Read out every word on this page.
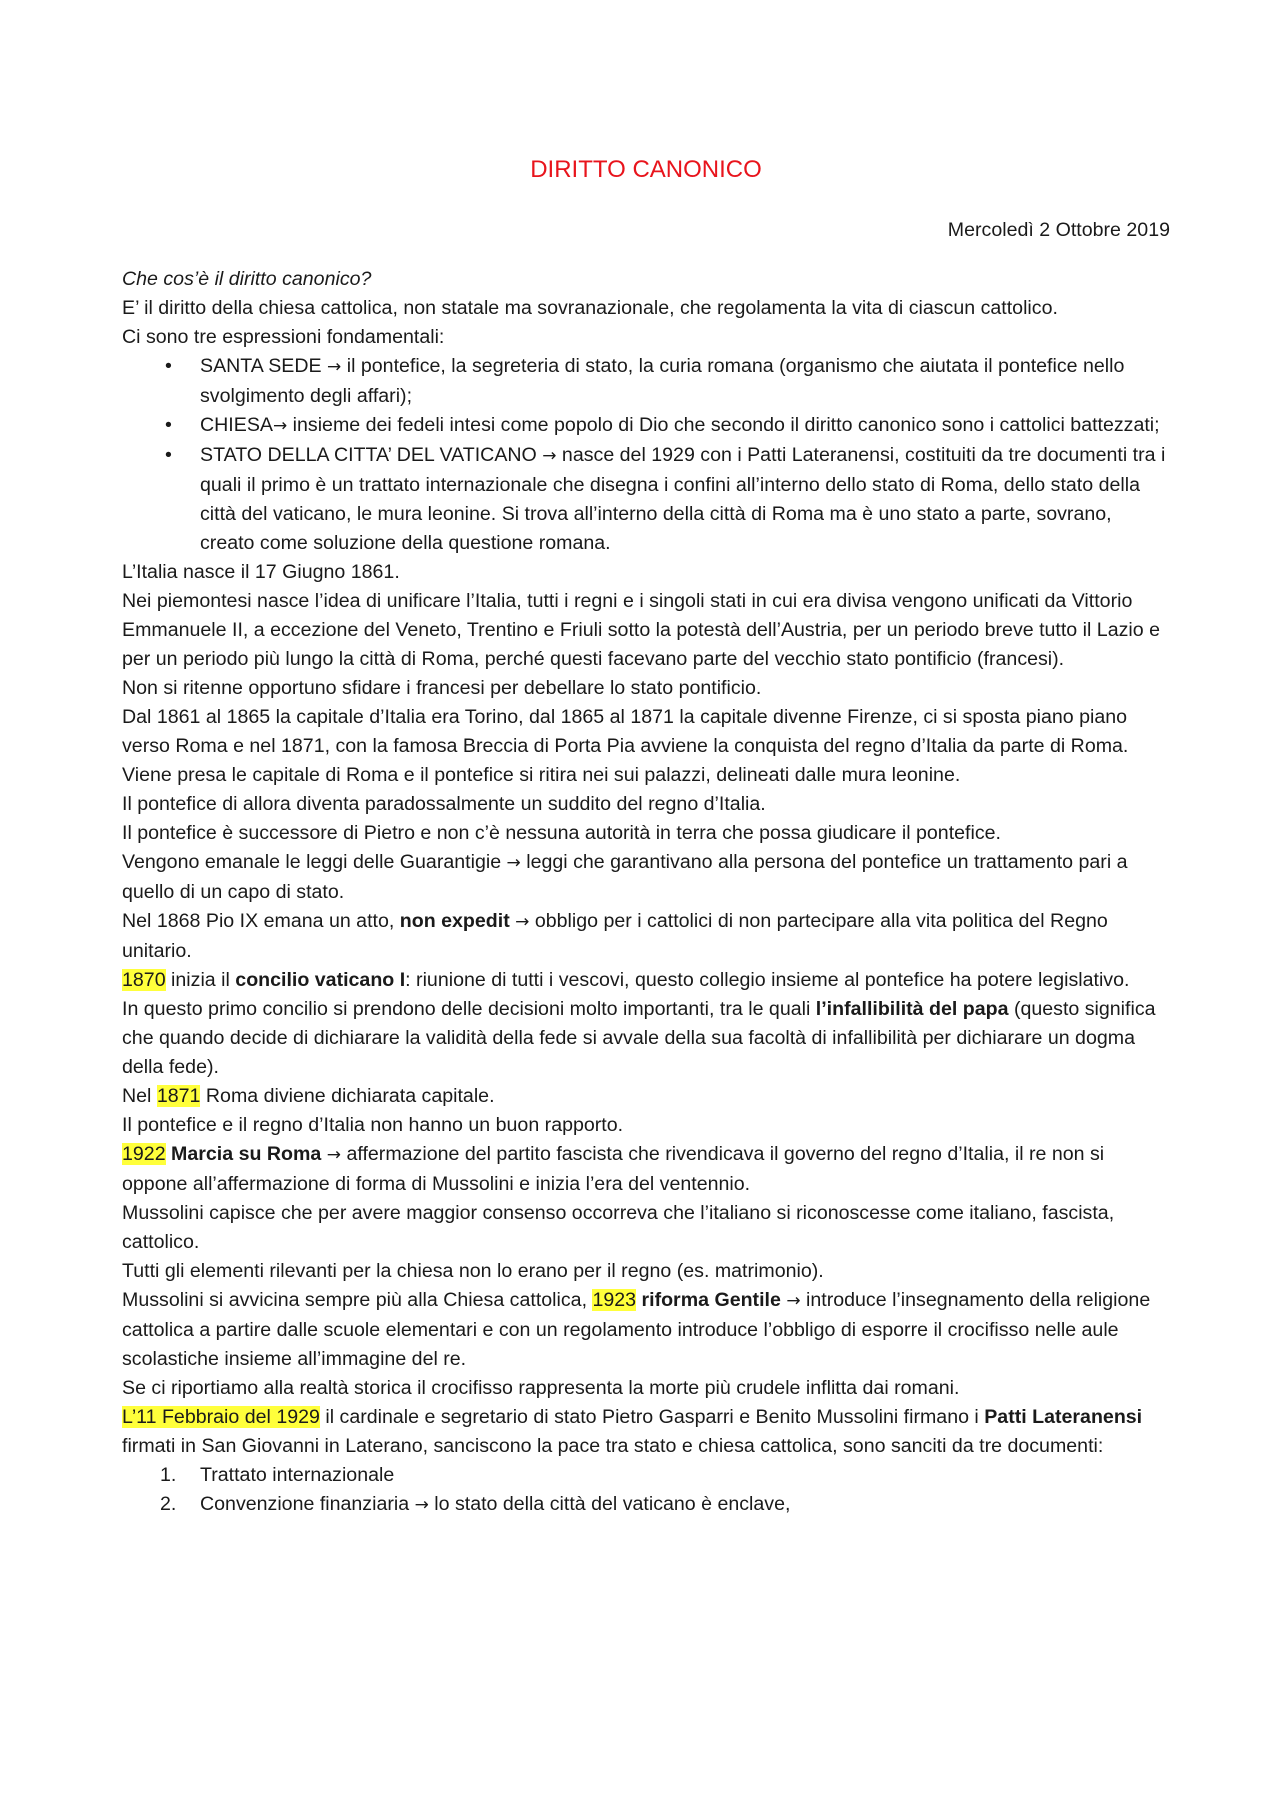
DIRITTO CANONICO

Mercoledì 2 Ottobre 2019

Che cos’è il diritto canonico?

E’ il diritto della chiesa cattolica, non statale ma sovranazionale, che regolamenta la vita di ciascun cattolico.

Ci sono tre espressioni fondamentali:

• SANTA SEDE → il pontefice, la segreteria di stato, la curia romana (organismo che aiutata il pontefice nello svolgimento degli affari);
• CHIESA→ insieme dei fedeli intesi come popolo di Dio che secondo il diritto canonico sono i cattolici battezzati;
• STATO DELLA CITTA’ DEL VATICANO → nasce del 1929 con i Patti Lateranensi, costituiti da tre documenti tra i quali il primo è un trattato internazionale che disegna i confini all’interno dello stato di Roma, dello stato della città del vaticano, le mura leonine. Si trova all’interno della città di Roma ma è uno stato a parte, sovrano, creato come soluzione della questione romana.

L’Italia nasce il 17 Giugno 1861.

Nei piemontesi nasce l’idea di unificare l’Italia, tutti i regni e i singoli stati in cui era divisa vengono unificati da Vittorio Emmanuele II, a eccezione del Veneto, Trentino e Friuli sotto la potestà dell’Austria, per un periodo breve tutto il Lazio e per un periodo più lungo la città di Roma, perché questi facevano parte del vecchio stato pontificio (francesi).

Non si ritenne opportuno sfidare i francesi per debellare lo stato pontificio.

Dal 1861 al 1865 la capitale d’Italia era Torino, dal 1865 al 1871 la capitale divenne Firenze, ci si sposta piano piano verso Roma e nel 1871, con la famosa Breccia di Porta Pia avviene la conquista del regno d’Italia da parte di Roma.

Viene presa le capitale di Roma e il pontefice si ritira nei sui palazzi, delineati dalle mura leonine.

Il pontefice di allora diventa paradossalmente un suddito del regno d’Italia.

Il pontefice è successore di Pietro e non c’è nessuna autorità in terra che possa giudicare il pontefice.

Vengono emanale le leggi delle Guarantigie → leggi che garantivano alla persona del pontefice un trattamento pari a quello di un capo di stato.

Nel 1868 Pio IX emana un atto, non expedit → obbligo per i cattolici di non partecipare alla vita politica del Regno unitario.

1870 inizia il concilio vaticano I: riunione di tutti i vescovi, questo collegio insieme al pontefice ha potere legislativo.

In questo primo concilio si prendono delle decisioni molto importanti, tra le quali l’infallibilità del papa (questo significa che quando decide di dichiarare la validità della fede si avvale della sua facoltà di infallibilità per dichiarare un dogma della fede).

Nel 1871 Roma diviene dichiarata capitale.

Il pontefice e il regno d’Italia non hanno un buon rapporto.

1922 Marcia su Roma → affermazione del partito fascista che rivendicava il governo del regno d’Italia, il re non si oppone all’affermazione di forma di Mussolini e inizia l’era del ventennio.

Mussolini capisce che per avere maggior consenso occorreva che l’italiano si riconoscesse come italiano, fascista, cattolico.

Tutti gli elementi rilevanti per la chiesa non lo erano per il regno (es. matrimonio).

Mussolini si avvicina sempre più alla Chiesa cattolica, 1923 riforma Gentile → introduce l’insegnamento della religione cattolica a partire dalle scuole elementari e con un regolamento introduce l’obbligo di esporre il crocifisso nelle aule scolastiche insieme all’immagine del re.

Se ci riportiamo alla realtà storica il crocifisso rappresenta la morte più crudele inflitta dai romani.

L’11 Febbraio del 1929 il cardinale e segretario di stato Pietro Gasparri e Benito Mussolini firmano i Patti Lateranensi firmati in San Giovanni in Laterano, sanciscono la pace tra stato e chiesa cattolica, sono sanciti da tre documenti:

1. Trattato internazionale
2. Convenzione finanziaria → lo stato della città del vaticano è enclave,
